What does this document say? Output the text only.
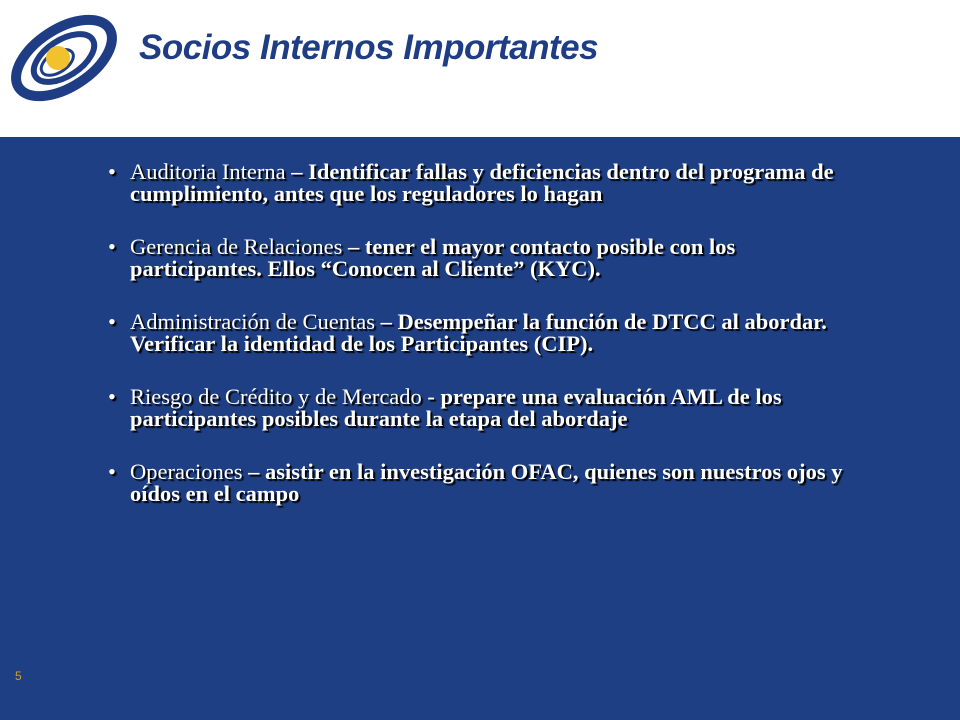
Socios Internos Importantes
• Auditoria Interna – Identificar fallas y deficiencias dentro del programa de cumplimiento, antes que los reguladores lo hagan
• Gerencia de Relaciones – tener el mayor contacto posible con los participantes. Ellos “Conocen al Cliente” (KYC).
• Administración de Cuentas – Desempeñar la función de DTCC al abordar. Verificar la identidad de los Participantes (CIP).
• Riesgo de Crédito y de Mercado - prepare una evaluación AML de los participantes posibles durante la etapa del abordaje
• Operaciones – asistir en la investigación OFAC, quienes son nuestros ojos y oídos en el campo
5
